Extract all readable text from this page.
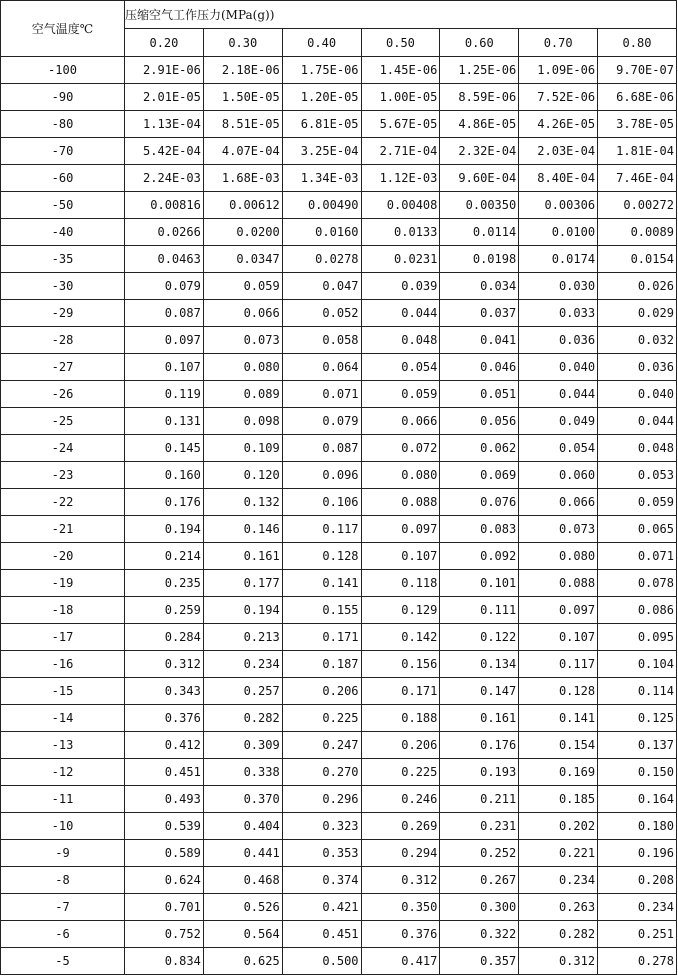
空气温度℃	压缩空气工作压力(MPa(g))						
	0.20	0.30	0.40	0.50	0.60	0.70	0.80
-100	2.91E-06	2.18E-06	1.75E-06	1.45E-06	1.25E-06	1.09E-06	9.70E-07
-90	2.01E-05	1.50E-05	1.20E-05	1.00E-05	8.59E-06	7.52E-06	6.68E-06
-80	1.13E-04	8.51E-05	6.81E-05	5.67E-05	4.86E-05	4.26E-05	3.78E-05
-70	5.42E-04	4.07E-04	3.25E-04	2.71E-04	2.32E-04	2.03E-04	1.81E-04
-60	2.24E-03	1.68E-03	1.34E-03	1.12E-03	9.60E-04	8.40E-04	7.46E-04
-50	0.00816	0.00612	0.00490	0.00408	0.00350	0.00306	0.00272
-40	0.0266	0.0200	0.0160	0.0133	0.0114	0.0100	0.0089
-35	0.0463	0.0347	0.0278	0.0231	0.0198	0.0174	0.0154
-30	0.079	0.059	0.047	0.039	0.034	0.030	0.026
-29	0.087	0.066	0.052	0.044	0.037	0.033	0.029
-28	0.097	0.073	0.058	0.048	0.041	0.036	0.032
-27	0.107	0.080	0.064	0.054	0.046	0.040	0.036
-26	0.119	0.089	0.071	0.059	0.051	0.044	0.040
-25	0.131	0.098	0.079	0.066	0.056	0.049	0.044
-24	0.145	0.109	0.087	0.072	0.062	0.054	0.048
-23	0.160	0.120	0.096	0.080	0.069	0.060	0.053
-22	0.176	0.132	0.106	0.088	0.076	0.066	0.059
-21	0.194	0.146	0.117	0.097	0.083	0.073	0.065
-20	0.214	0.161	0.128	0.107	0.092	0.080	0.071
-19	0.235	0.177	0.141	0.118	0.101	0.088	0.078
-18	0.259	0.194	0.155	0.129	0.111	0.097	0.086
-17	0.284	0.213	0.171	0.142	0.122	0.107	0.095
-16	0.312	0.234	0.187	0.156	0.134	0.117	0.104
-15	0.343	0.257	0.206	0.171	0.147	0.128	0.114
-14	0.376	0.282	0.225	0.188	0.161	0.141	0.125
-13	0.412	0.309	0.247	0.206	0.176	0.154	0.137
-12	0.451	0.338	0.270	0.225	0.193	0.169	0.150
-11	0.493	0.370	0.296	0.246	0.211	0.185	0.164
-10	0.539	0.404	0.323	0.269	0.231	0.202	0.180
-9	0.589	0.441	0.353	0.294	0.252	0.221	0.196
-8	0.624	0.468	0.374	0.312	0.267	0.234	0.208
-7	0.701	0.526	0.421	0.350	0.300	0.263	0.234
-6	0.752	0.564	0.451	0.376	0.322	0.282	0.251
-5	0.834	0.625	0.500	0.417	0.357	0.312	0.278
